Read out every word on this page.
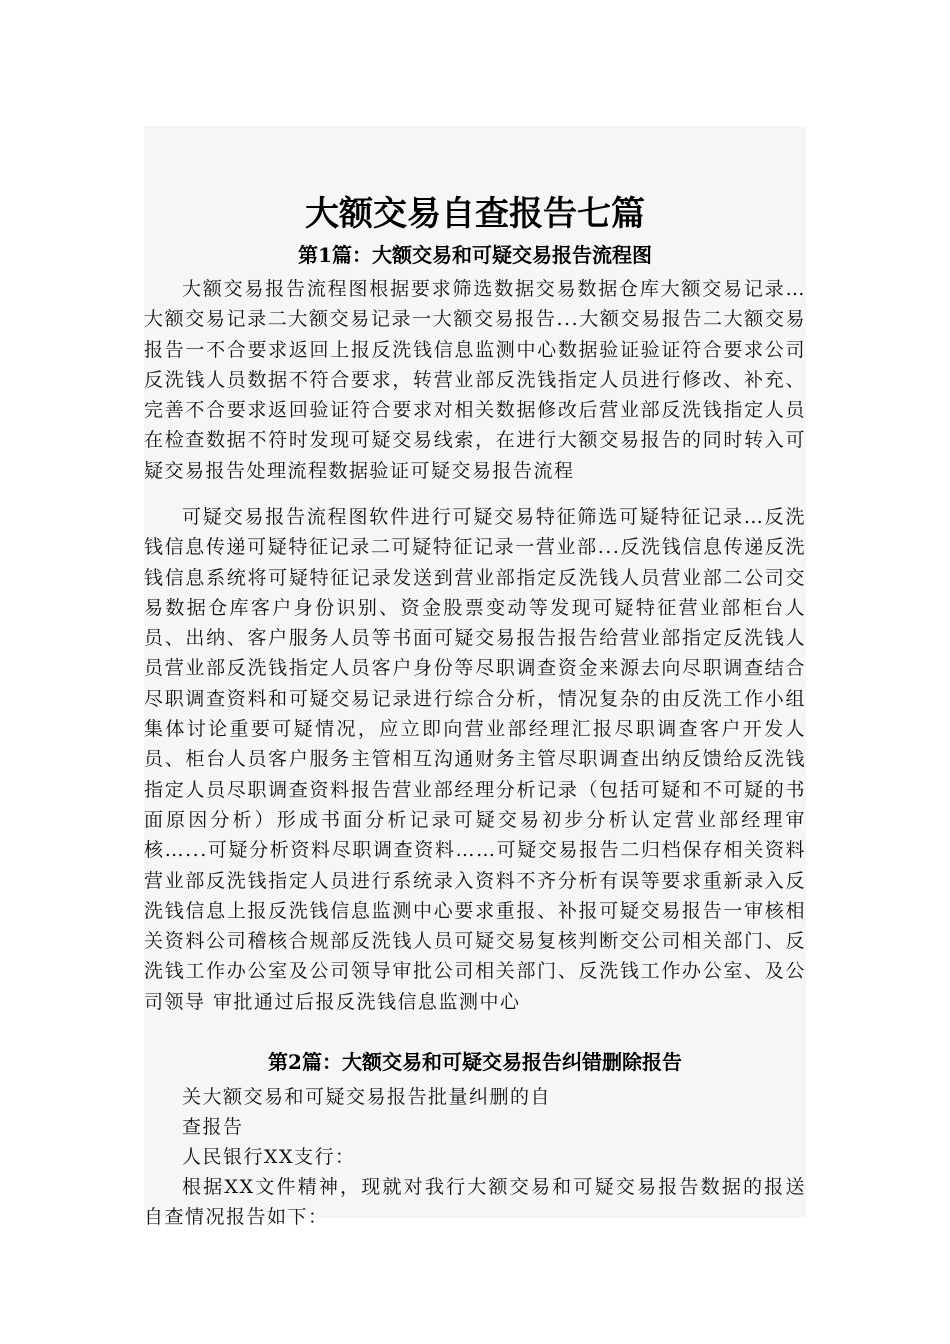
大额交易自查报告七篇
第1篇：大额交易和可疑交易报告流程图

大额交易报告流程图根据要求筛选数据交易数据仓库大额交易记录…大额交易记录二大额交易记录一大额交易报告...大额交易报告二大额交易报告一不合要求返回上报反洗钱信息监测中心数据验证验证符合要求公司反洗钱人员数据不符合要求，转营业部反洗钱指定人员进行修改、补充、完善不合要求返回验证符合要求对相关数据修改后营业部反洗钱指定人员在检查数据不符时发现可疑交易线索，在进行大额交易报告的同时转入可疑交易报告处理流程数据验证可疑交易报告流程

可疑交易报告流程图软件进行可疑交易特征筛选可疑特征记录…反洗钱信息传递可疑特征记录二可疑特征记录一营业部...反洗钱信息传递反洗钱信息系统将可疑特征记录发送到营业部指定反洗钱人员营业部二公司交易数据仓库客户身份识别、资金股票变动等发现可疑特征营业部柜台人员、出纳、客户服务人员等书面可疑交易报告报告给营业部指定反洗钱人员营业部反洗钱指定人员客户身份等尽职调查资金来源去向尽职调查结合尽职调查资料和可疑交易记录进行综合分析，情况复杂的由反洗工作小组集体讨论重要可疑情况，应立即向营业部经理汇报尽职调查客户开发人员、柜台人员客户服务主管相互沟通财务主管尽职调查出纳反馈给反洗钱指定人员尽职调查资料报告营业部经理分析记录（包括可疑和不可疑的书面原因分析）形成书面分析记录可疑交易初步分析认定营业部经理审核…...可疑分析资料尽职调查资料……可疑交易报告二归档保存相关资料营业部反洗钱指定人员进行系统录入资料不齐分析有误等要求重新录入反洗钱信息上报反洗钱信息监测中心要求重报、补报可疑交易报告一审核相关资料公司稽核合规部反洗钱人员可疑交易复核判断交公司相关部门、反洗钱工作办公室及公司领导审批公司相关部门、反洗钱工作办公室、及公司领导 审批通过后报反洗钱信息监测中心

第2篇：大额交易和可疑交易报告纠错删除报告

关大额交易和可疑交易报告批量纠删的自

查报告

人民银行XX支行：

根据XX文件精神，现就对我行大额交易和可疑交易报告数据的报送自查情况报告如下：
